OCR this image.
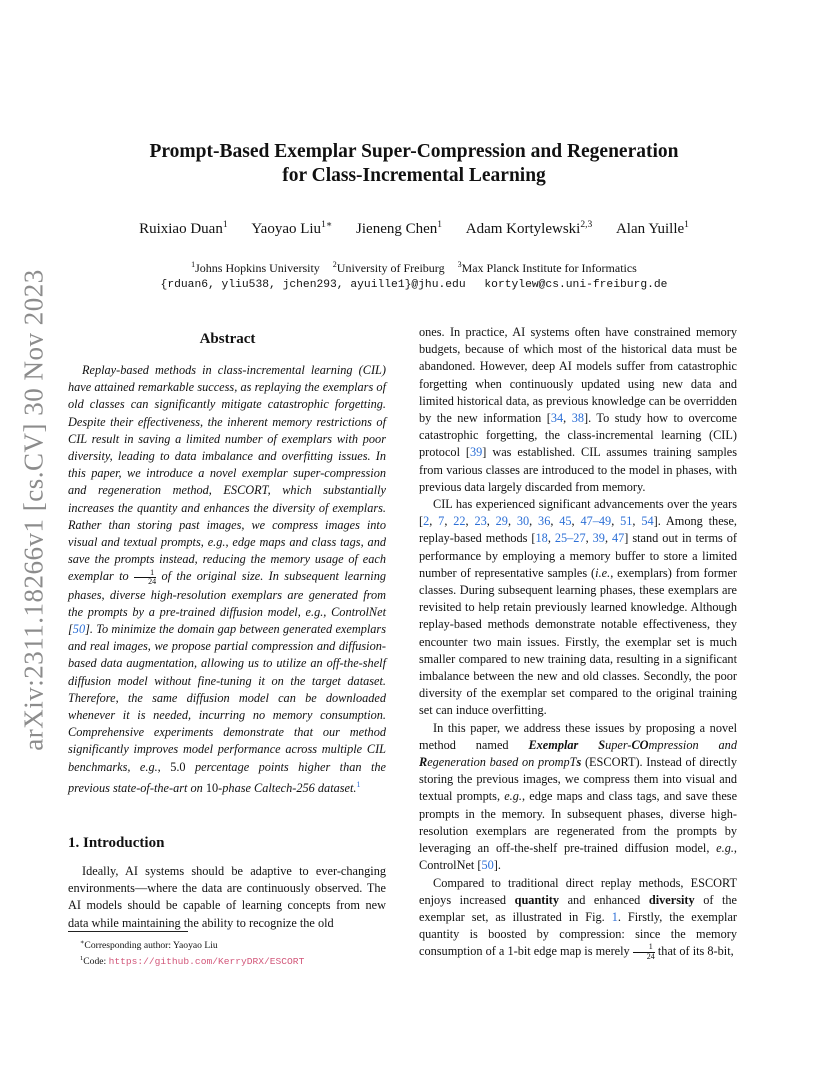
arXiv:2311.18266v1 [cs.CV] 30 Nov 2023
Prompt-Based Exemplar Super-Compression and Regeneration
for Class-Incremental Learning
Ruixiao Duan$^1$ Yaoyao Liu$^{1∗}$ Jieneng Chen$^1$ Adam Kortylewski$^{2,3}$ Alan Yuille$^1$
$^1$Johns Hopkins University $^2$University of Freiburg $^3$Max Planck Institute for Informatics
{rduan6, yliu538, jchen293, ayuille1}@jhu.edu kortylew@cs.uni-freiburg.de
Abstract

Replay-based methods in class-incremental learning (CIL) have attained remarkable success, as replaying the exemplars of old classes can significantly mitigate catastrophic forgetting. Despite their effectiveness, the inherent memory restrictions of CIL result in saving a limited number of exemplars with poor diversity, leading to data imbalance and overfitting issues. In this paper, we introduce a novel exemplar super-compression and regeneration method, ESCORT, which substantially increases the quantity and enhances the diversity of exemplars. Rather than storing past images, we compress images into visual and textual prompts, e.g., edge maps and class tags, and save the prompts instead, reducing the memory usage of each exemplar to $\frac{1}{24}$ of the original size. In subsequent learning phases, diverse high-resolution exemplars are generated from the prompts by a pre-trained diffusion model, e.g., ControlNet [50]. To minimize the domain gap between generated exemplars and real images, we propose partial compression and diffusion-based data augmentation, allowing us to utilize an off-the-shelf diffusion model without fine-tuning it on the target dataset. Therefore, the same diffusion model can be downloaded whenever it is needed, incurring no memory consumption. Comprehensive experiments demonstrate that our method significantly improves model performance across multiple CIL benchmarks, e.g., 5.0 percentage points higher than the previous state-of-the-art on 10-phase Caltech-256 dataset.$^1$

1. Introduction

Ideally, AI systems should be adaptive to ever-changing environments—where the data are continuously observed. The AI models should be capable of learning concepts from new data while maintaining the ability to recognize the old

∗Corresponding author: Yaoyao Liu
$^1$Code: https://github.com/KerryDRX/ESCORT

ones. In practice, AI systems often have constrained memory budgets, because of which most of the historical data must be abandoned. However, deep AI models suffer from catastrophic forgetting when continuously updated using new data and limited historical data, as previous knowledge can be overridden by the new information [34, 38]. To study how to overcome catastrophic forgetting, the class-incremental learning (CIL) protocol [39] was established. CIL assumes training samples from various classes are introduced to the model in phases, with previous data largely discarded from memory.

CIL has experienced significant advancements over the years [2, 7, 22, 23, 29, 30, 36, 45, 47–49, 51, 54]. Among these, replay-based methods [18, 25–27, 39, 47] stand out in terms of performance by employing a memory buffer to store a limited number of representative samples (i.e., exemplars) from former classes. During subsequent learning phases, these exemplars are revisited to help retain previously learned knowledge. Although replay-based methods demonstrate notable effectiveness, they encounter two main issues. Firstly, the exemplar set is much smaller compared to new training data, resulting in a significant imbalance between the new and old classes. Secondly, the poor diversity of the exemplar set compared to the original training set can induce overfitting.

In this paper, we address these issues by proposing a novel method named Exemplar Super-COmpression and Regeneration based on prompTs (ESCORT). Instead of directly storing the previous images, we compress them into visual and textual prompts, e.g., edge maps and class tags, and save these prompts in the memory. In subsequent phases, diverse high-resolution exemplars are regenerated from the prompts by leveraging an off-the-shelf pre-trained diffusion model, e.g., ControlNet [50].

Compared to traditional direct replay methods, ESCORT enjoys increased quantity and enhanced diversity of the exemplar set, as illustrated in Fig. 1. Firstly, the exemplar quantity is boosted by compression: since the memory consumption of a 1-bit edge map is merely $\frac{1}{24}$ that of its 8-bit,
